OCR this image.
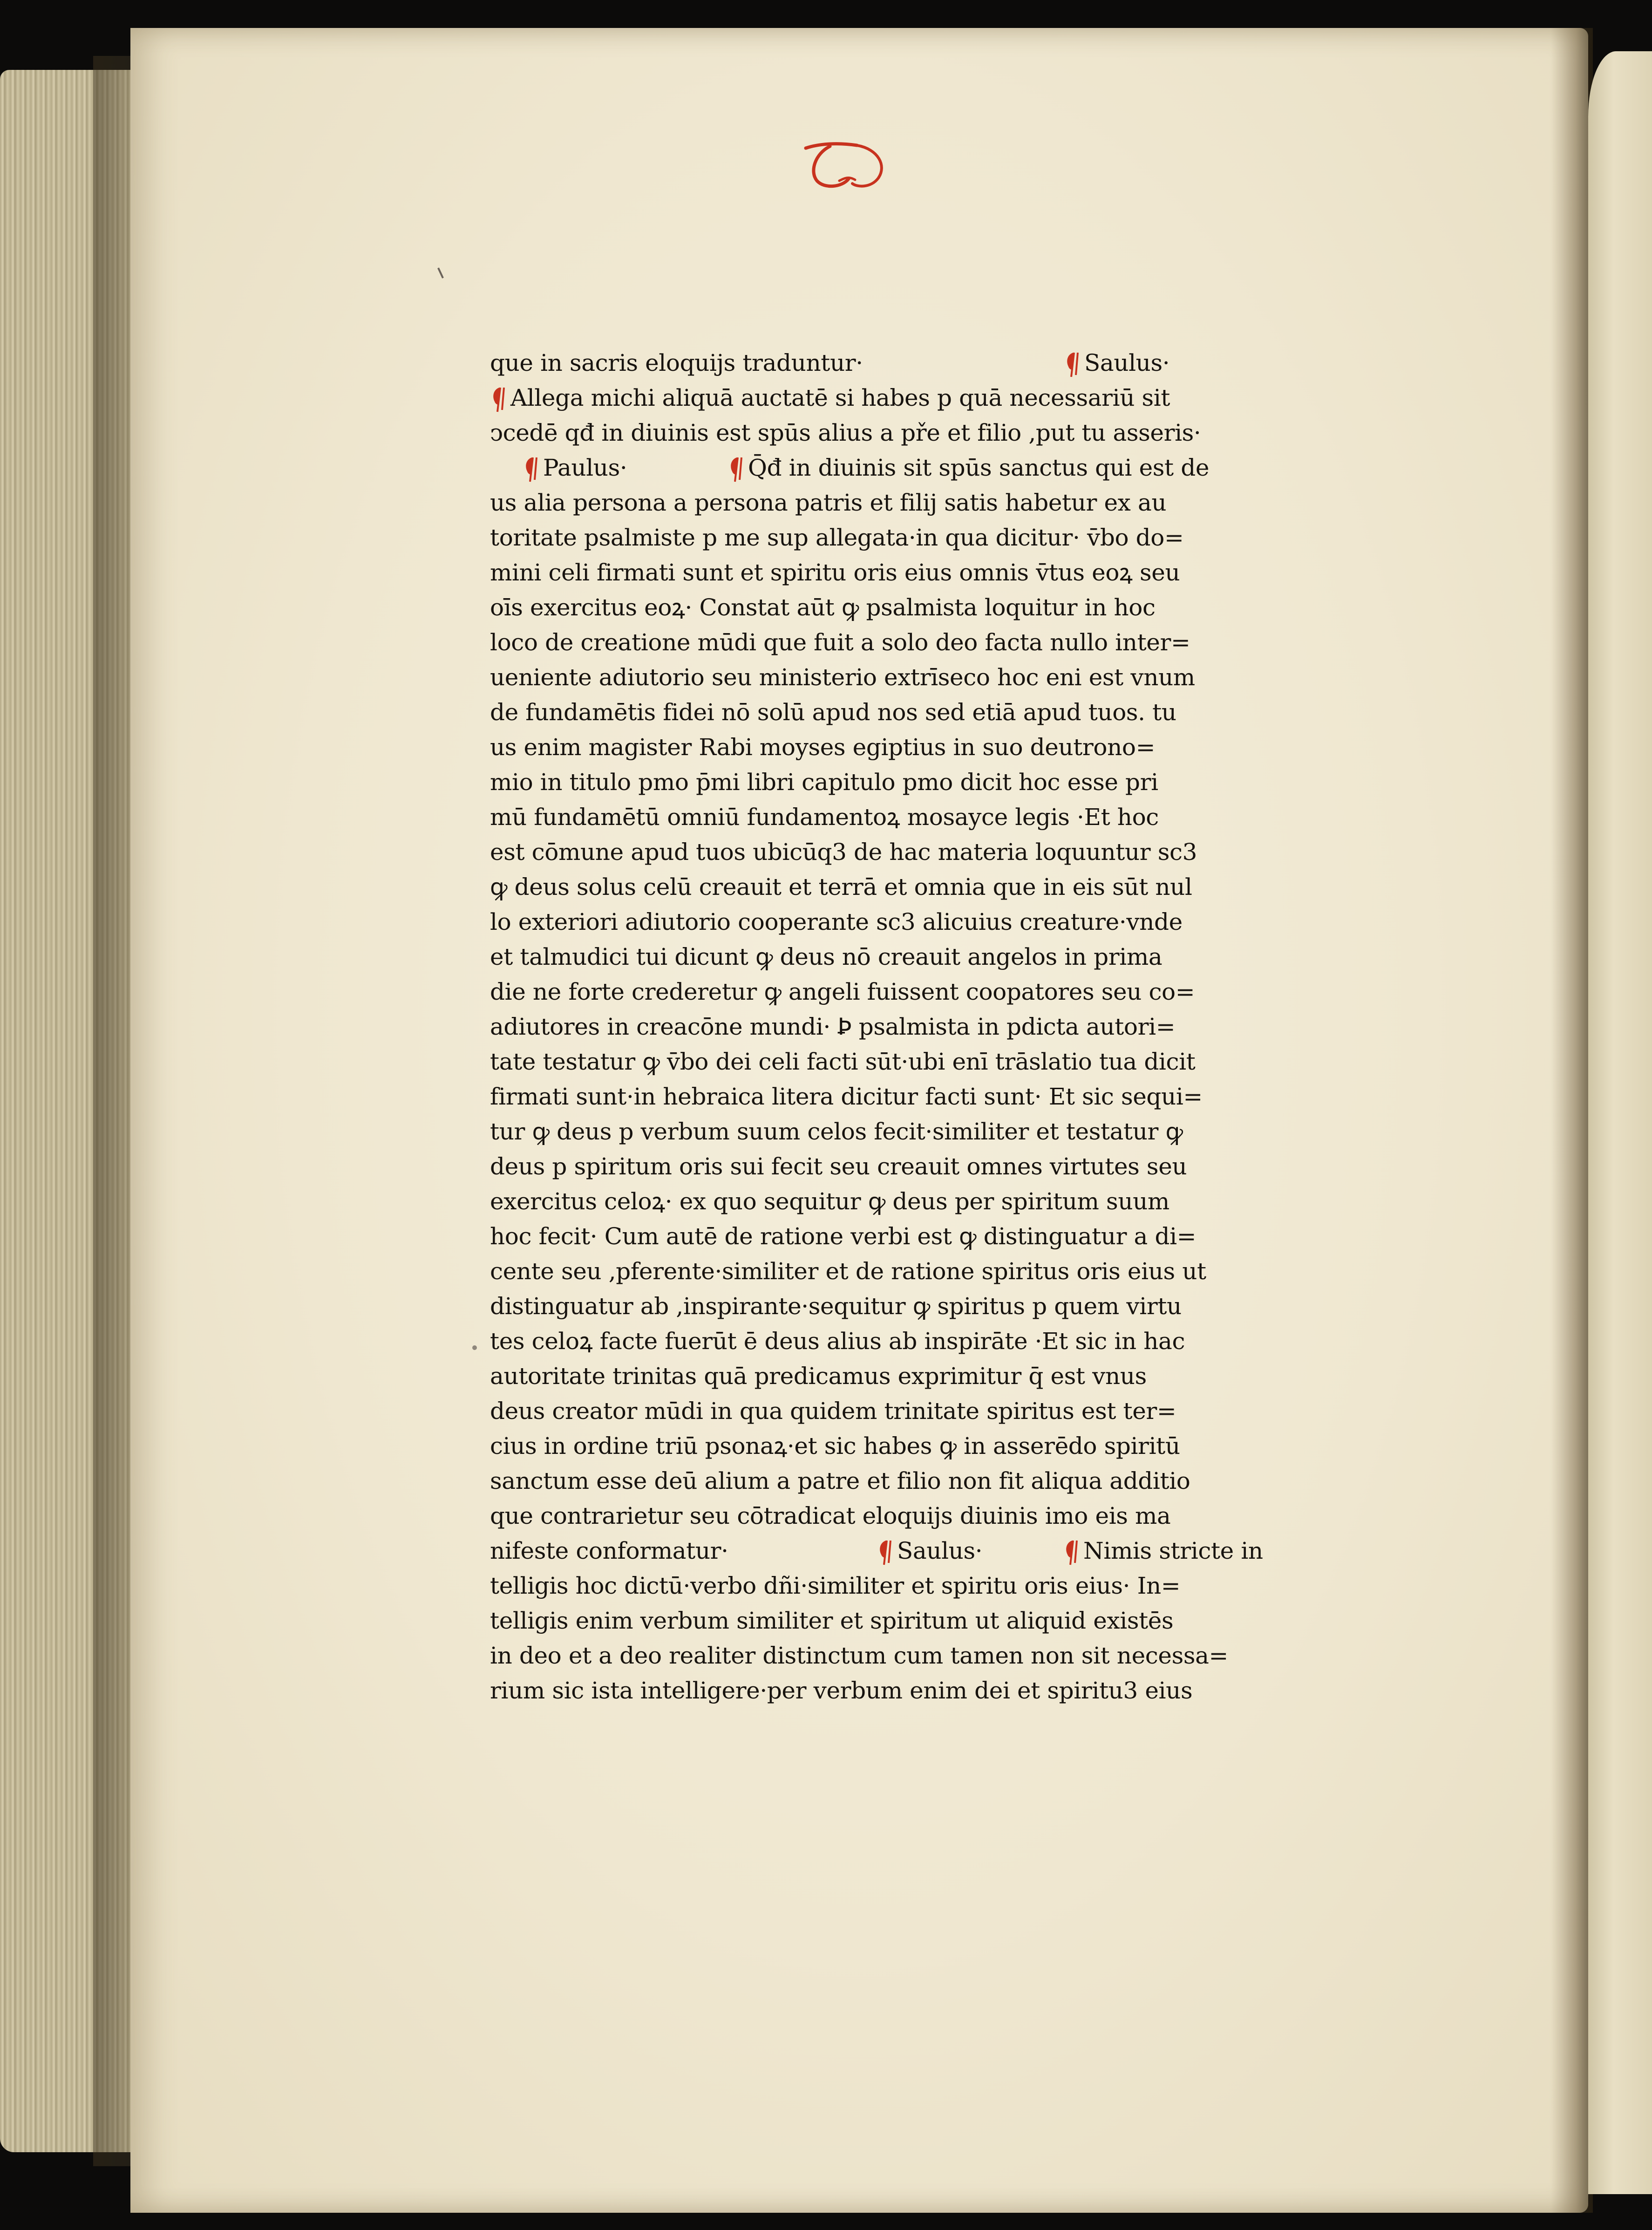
que in sacris eloquijs traduntur·	Saulus·
Allega michi aliquā auctatē si habes p quā necessariū sit
ↄcedē qđ in diuinis est spūs alius a pře et filio ,put tu asseris·
Paulus·	Q̄đ in diuinis sit spūs sanctus qui est de
us alia persona a persona patris et filij satis habetur ex au
toritate psalmiste p me sup allegata·in qua dicitur· v̄bo do=
mini celi firmati sunt et spiritu oris eius omnis v̄tus eoꝝ seu
oīs exercitus eoꝝ· Constat aūt ꝙ psalmista loquitur in hoc
loco de creatione mūdi que fuit a solo deo facta nullo inter=
ueniente adiutorio seu ministerio extrīseco hoc eni est vnum
de fundamētis fidei nō solū apud nos sed etiā apud tuos. tu
us enim magister Rabi moyses egiptius in suo deutrono=
mio in titulo pmo p̄mi libri capitulo pmo dicit hoc esse pri
mū fundamētū omniū fundamentoꝝ mosayce legis ·Et hoc
est cōmune apud tuos ubicūq3 de hac materia loquuntur sc3
ꝙ deus solus celū creauit et terrā et omnia que in eis sūt nul
lo exteriori adiutorio cooperante sc3 alicuius creature·vnde
et talmudici tui dicunt ꝙ deus nō creauit angelos in prima
die ne forte crederetur ꝙ angeli fuissent coopatores seu co=
adiutores in creacōne mundi· Ꝧ psalmista in pdicta autori=
tate testatur ꝙ v̄bo dei celi facti sūt·ubi enī trāslatio tua dicit
firmati sunt·in hebraica litera dicitur facti sunt· Et sic sequi=
tur ꝙ deus p verbum suum celos fecit·similiter et testatur ꝙ
deus p spiritum oris sui fecit seu creauit omnes virtutes seu
exercitus celoꝝ· ex quo sequitur ꝙ deus per spiritum suum
hoc fecit· Cum autē de ratione verbi est ꝙ distinguatur a di=
cente seu ,pferente·similiter et de ratione spiritus oris eius ut
distinguatur ab ,inspirante·sequitur ꝙ spiritus p quem virtu
tes celoꝝ facte fuerūt ē deus alius ab inspirāte ·Et sic in hac
autoritate trinitas quā predicamus exprimitur q̄ est vnus
deus creator mūdi in qua quidem trinitate spiritus est ter=
cius in ordine triū psonaꝝ·et sic habes ꝙ in asserēdo spiritū
sanctum esse deū alium a patre et filio non fit aliqua additio
que contrarietur seu cōtradicat eloquijs diuinis imo eis ma
nifeste conformatur·	Saulus·	Nimis stricte in
telligis hoc dictū·verbo dñi·similiter et spiritu oris eius· In=
telligis enim verbum similiter et spiritum ut aliquid existēs
in deo et a deo realiter distinctum cum tamen non sit necessa=
rium sic ista intelligere·per verbum enim dei et spiritu3 eius
